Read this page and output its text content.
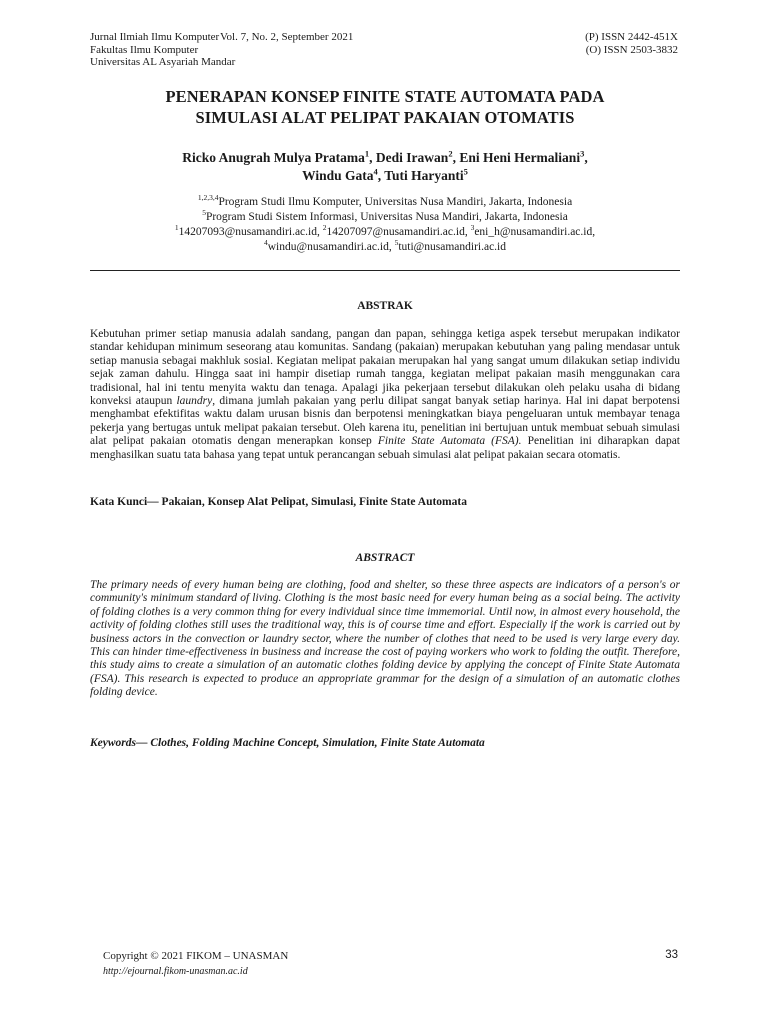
Jurnal Ilmiah Ilmu Komputer
Fakultas Ilmu Komputer
Universitas AL Asyariah Mandar
Vol. 7, No. 2, September 2021	(P) ISSN 2442-451X
(O) ISSN 2503-3832
PENERAPAN KONSEP FINITE STATE AUTOMATA PADA
SIMULASI ALAT PELIPAT PAKAIAN OTOMATIS
Ricko Anugrah Mulya Pratama$^1$, Dedi Irawan$^2$, Eni Heni Hermaliani$^3$,
Windu Gata$^4$, Tuti Haryanti$^5$
$^{1,2,3,4}$Program Studi Ilmu Komputer, Universitas Nusa Mandiri, Jakarta, Indonesia
$^5$Program Studi Sistem Informasi, Universitas Nusa Mandiri, Jakarta, Indonesia
$^1$14207093@nusamandiri.ac.id, $^2$14207097@nusamandiri.ac.id, $^3$eni_h@nusamandiri.ac.id,
$^4$windu@nusamandiri.ac.id, $^5$tuti@nusamandiri.ac.id
ABSTRAK
Kebutuhan primer setiap manusia adalah sandang, pangan dan papan, sehingga ketiga aspek tersebut merupakan indikator standar kehidupan minimum seseorang atau komunitas. Sandang (pakaian) merupakan kebutuhan yang paling mendasar untuk setiap manusia sebagai makhluk sosial. Kegiatan melipat pakaian merupakan hal yang sangat umum dilakukan setiap individu sejak zaman dahulu. Hingga saat ini hampir disetiap rumah tangga, kegiatan melipat pakaian masih menggunakan cara tradisional, hal ini tentu menyita waktu dan tenaga. Apalagi jika pekerjaan tersebut dilakukan oleh pelaku usaha di bidang konveksi ataupun laundry, dimana jumlah pakaian yang perlu dilipat sangat banyak setiap harinya. Hal ini dapat berpotensi menghambat efektifitas waktu dalam urusan bisnis dan berpotensi meningkatkan biaya pengeluaran untuk membayar tenaga pekerja yang bertugas untuk melipat pakaian tersebut. Oleh karena itu, penelitian ini bertujuan untuk membuat sebuah simulasi alat pelipat pakaian otomatis dengan menerapkan konsep Finite State Automata (FSA). Penelitian ini diharapkan dapat menghasilkan suatu tata bahasa yang tepat untuk perancangan sebuah simulasi alat pelipat pakaian secara otomatis.
Kata Kunci— Pakaian, Konsep Alat Pelipat, Simulasi, Finite State Automata
ABSTRACT
The primary needs of every human being are clothing, food and shelter, so these three aspects are indicators of a person's or community's minimum standard of living. Clothing is the most basic need for every human being as a social being. The activity of folding clothes is a very common thing for every individual since time immemorial. Until now, in almost every household, the activity of folding clothes still uses the traditional way, this is of course time and effort. Especially if the work is carried out by business actors in the convection or laundry sector, where the number of clothes that need to be used is very large every day. This can hinder time-effectiveness in business and increase the cost of paying workers who work to folding the outfit. Therefore, this study aims to create a simulation of an automatic clothes folding device by applying the concept of Finite State Automata (FSA). This research is expected to produce an appropriate grammar for the design of a simulation of an automatic clothes folding device.
Keywords— Clothes, Folding Machine Concept, Simulation, Finite State Automata
Copyright © 2021 FIKOM – UNASMAN
http://ejournal.fikom-unasman.ac.id
33
